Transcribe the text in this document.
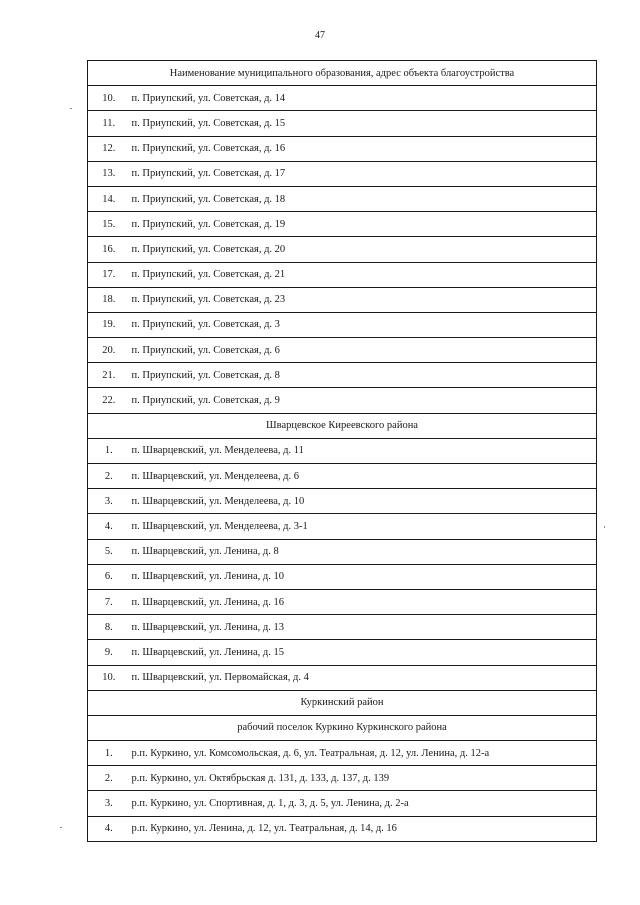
47
Наименование муниципального образования, адрес объекта благоустройства	
10.	п. Приупский, ул. Советская, д. 14
11.	п. Приупский, ул. Советская, д. 15
12.	п. Приупский, ул. Советская, д. 16
13.	п. Приупский, ул. Советская, д. 17
14.	п. Приупский, ул. Советская, д. 18
15.	п. Приупский, ул. Советская, д. 19
16.	п. Приупский, ул. Советская, д. 20
17.	п. Приупский, ул. Советская, д. 21
18.	п. Приупский, ул. Советская, д. 23
19.	п. Приупский, ул. Советская, д. 3
20.	п. Приупский, ул. Советская, д. 6
21.	п. Приупский, ул. Советская, д. 8
22.	п. Приупский, ул. Советская, д. 9
Шварцевское Киреевского района	
1.	п. Шварцевский, ул. Менделеева, д. 11
2.	п. Шварцевский, ул. Менделеева, д. 6
3.	п. Шварцевский, ул. Менделеева, д. 10
4.	п. Шварцевский, ул. Менделеева, д. 3-1
5.	п. Шварцевский, ул. Ленина, д. 8
6.	п. Шварцевский, ул. Ленина, д. 10
7.	п. Шварцевский, ул. Ленина, д. 16
8.	п. Шварцевский, ул. Ленина, д. 13
9.	п. Шварцевский, ул. Ленина, д. 15
10.	п. Шварцевский, ул. Первомайская, д. 4
Куркинский район	
рабочий поселок Куркино Куркинского района	
1.	р.п. Куркино, ул. Комсомольская, д. 6, ул. Театральная, д. 12, ул. Ленина, д. 12-а
2.	р.п. Куркино, ул. Октябрьская д. 131, д. 133, д. 137, д. 139
3.	р.п. Куркино, ул. Спортивная, д. 1, д. 3, д. 5, ул. Ленина, д. 2-а
4.	р.п. Куркино, ул. Ленина, д. 12, ул. Театральная, д. 14, д. 16
